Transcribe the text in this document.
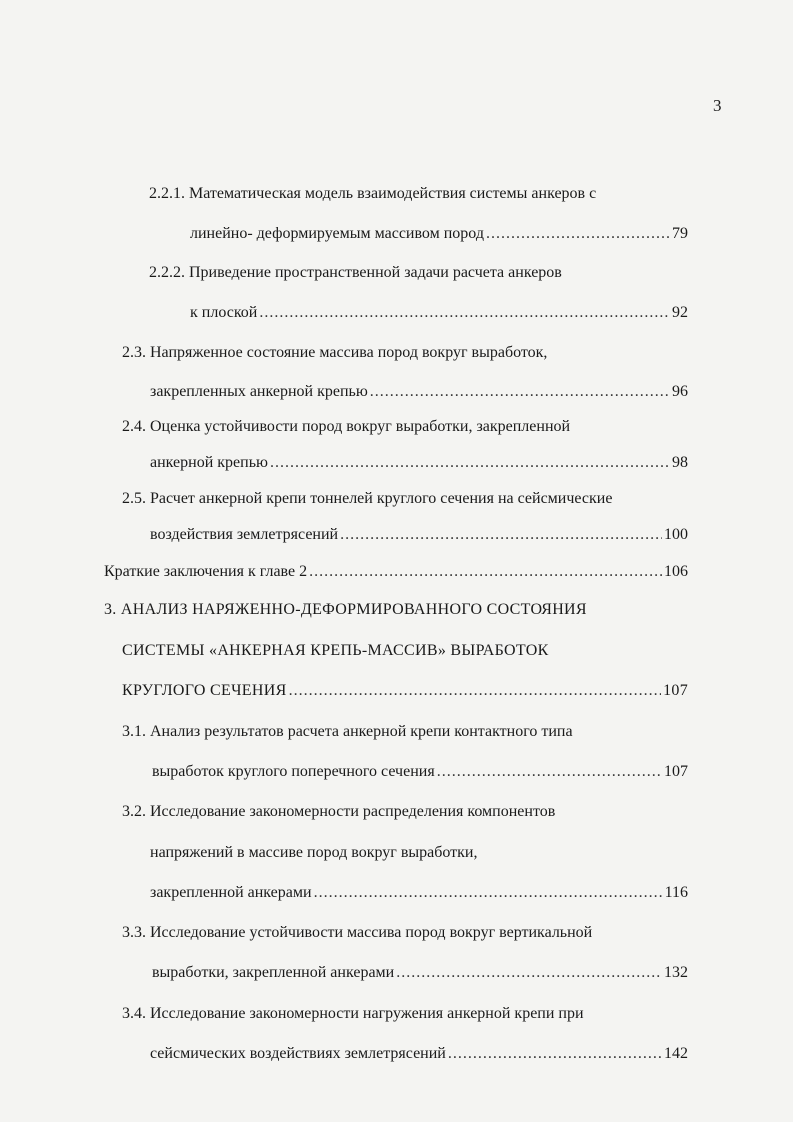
3
2.2.1. Математическая модель взаимодействия системы анкеров с
линейно- деформируемым массивом пород .....	79
2.2.2. Приведение пространственной задачи расчета анкеров
к плоской .....	92
2.3. Напряженное состояние массива пород вокруг выработок,
закрепленных анкерной крепью .....	96
2.4. Оценка устойчивости пород вокруг выработки, закрепленной
анкерной крепью .....	98
2.5. Расчет анкерной крепи тоннелей круглого сечения на сейсмические
воздействия землетрясений .....	100
Краткие заключения к главе 2 .....	106
3. АНАЛИЗ НАРЯЖЕННО-ДЕФОРМИРОВАННОГО СОСТОЯНИЯ
СИСТЕМЫ «АНКЕРНАЯ КРЕПЬ-МАССИВ» ВЫРАБОТОК
КРУГЛОГО СЕЧЕНИЯ .....	107
3.1. Анализ результатов расчета анкерной крепи контактного типа
выработок круглого поперечного сечения .....	107
3.2. Исследование закономерности распределения компонентов
напряжений в массиве пород вокруг выработки,
закрепленной анкерами .....	116
3.3. Исследование устойчивости массива пород вокруг вертикальной
выработки, закрепленной анкерами .....	132
3.4. Исследование закономерности нагружения анкерной крепи при
сейсмических воздействиях землетрясений .....	142
